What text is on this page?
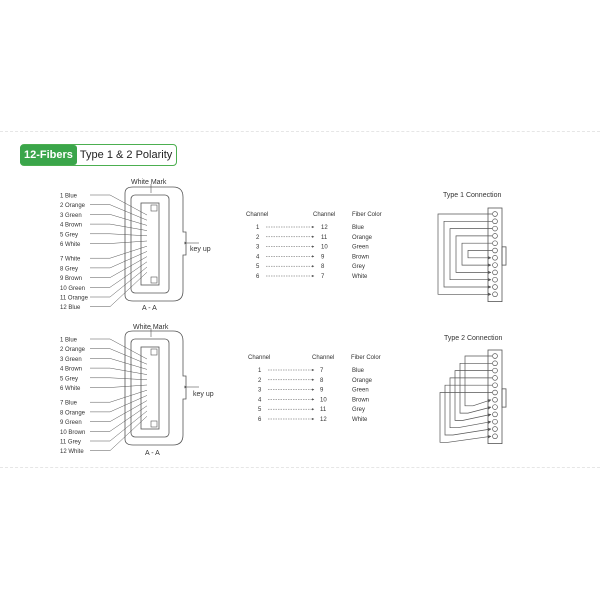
12-Fibers Type 1 & 2 Polarity
White Mark
1 Blue
2 Orange
3 Green
4 Brown
5 Grey
6 White
7 White
8 Grey
9 Brown
10 Green
11 Orange
12 Blue
key up
A - A
Channel	Channel	Fiber Color
1	12	Blue
2	11	Orange
3	10	Green
4	9	Brown
5	8	Grey
6	7	White
Type 1 Connection
White Mark
1 Blue
2 Orange
3 Green
4 Brown
5 Grey
6 White
7 Blue
8 Orange
9 Green
10 Brown
11 Grey
12 White
key up
A - A
Channel	Channel	Fiber Color
1	7	Blue
2	8	Orange
3	9	Green
4	10	Brown
5	11	Grey
6	12	White
Type 2 Connection
